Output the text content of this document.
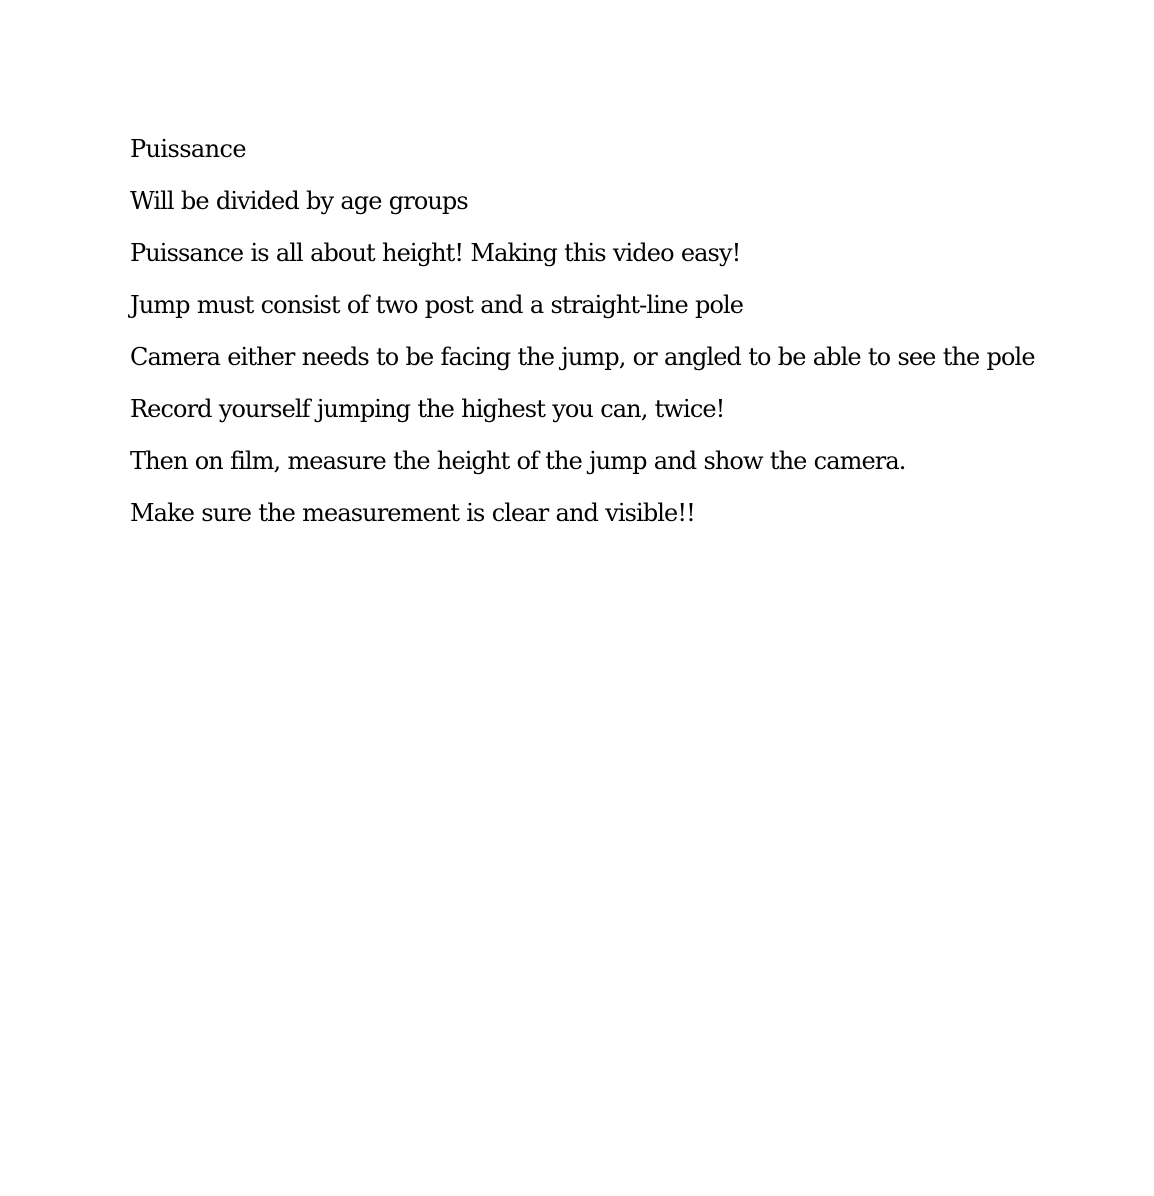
Puissance
Will be divided by age groups
Puissance is all about height! Making this video easy!
Jump must consist of two post and a straight-line pole
Camera either needs to be facing the jump, or angled to be able to see the pole
Record yourself jumping the highest you can, twice!
Then on film, measure the height of the jump and show the camera.
Make sure the measurement is clear and visible!!
